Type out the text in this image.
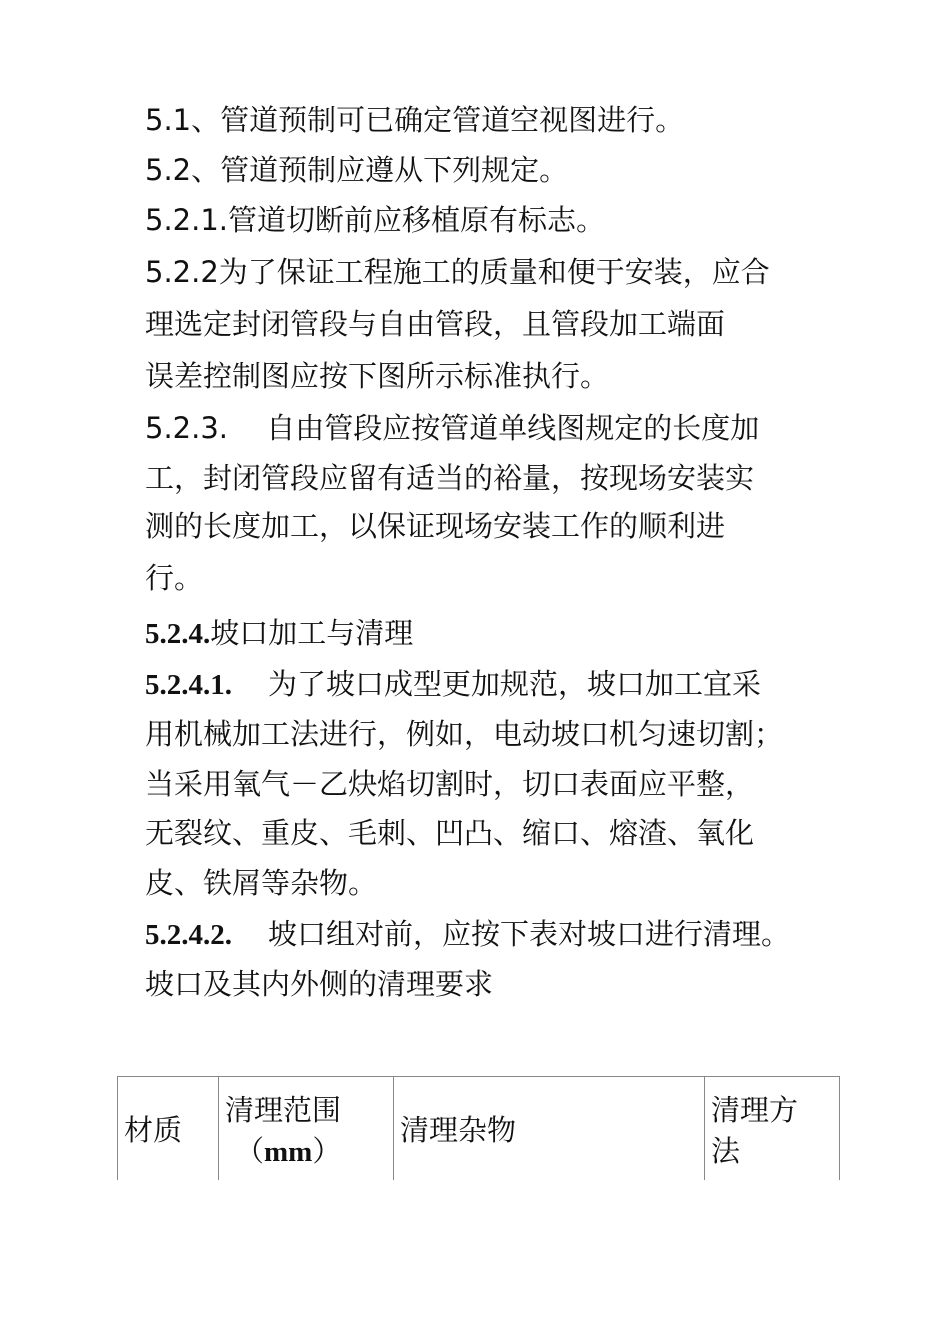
5.1、管道预制可已确定管道空视图进行。
5.2、管道预制应遵从下列规定。
5.2.1.管道切断前应移植原有标志。
5.2.2为了保证工程施工的质量和便于安装，应合
理选定封闭管段与自由管段，且管段加工端面
误差控制图应按下图所示标准执行。
5.2.3.　 自由管段应按管道单线图规定的长度加
工，封闭管段应留有适当的裕量，按现场安装实
测的长度加工，以保证现场安装工作的顺利进
行。
5.2.4.坡口加工与清理
5.2.4.1. 为了坡口成型更加规范，坡口加工宜采
用机械加工法进行，例如，电动坡口机匀速切割；
当采用氧气－乙炔焰切割时，切口表面应平整，
无裂纹、重皮、毛刺、凹凸、缩口、熔渣、氧化
皮、铁屑等杂物。
5.2.4.2. 坡口组对前，应按下表对坡口进行清理。
坡口及其内外侧的清理要求
材质	清理范围
（mm）
	清理杂物	清理方
法
